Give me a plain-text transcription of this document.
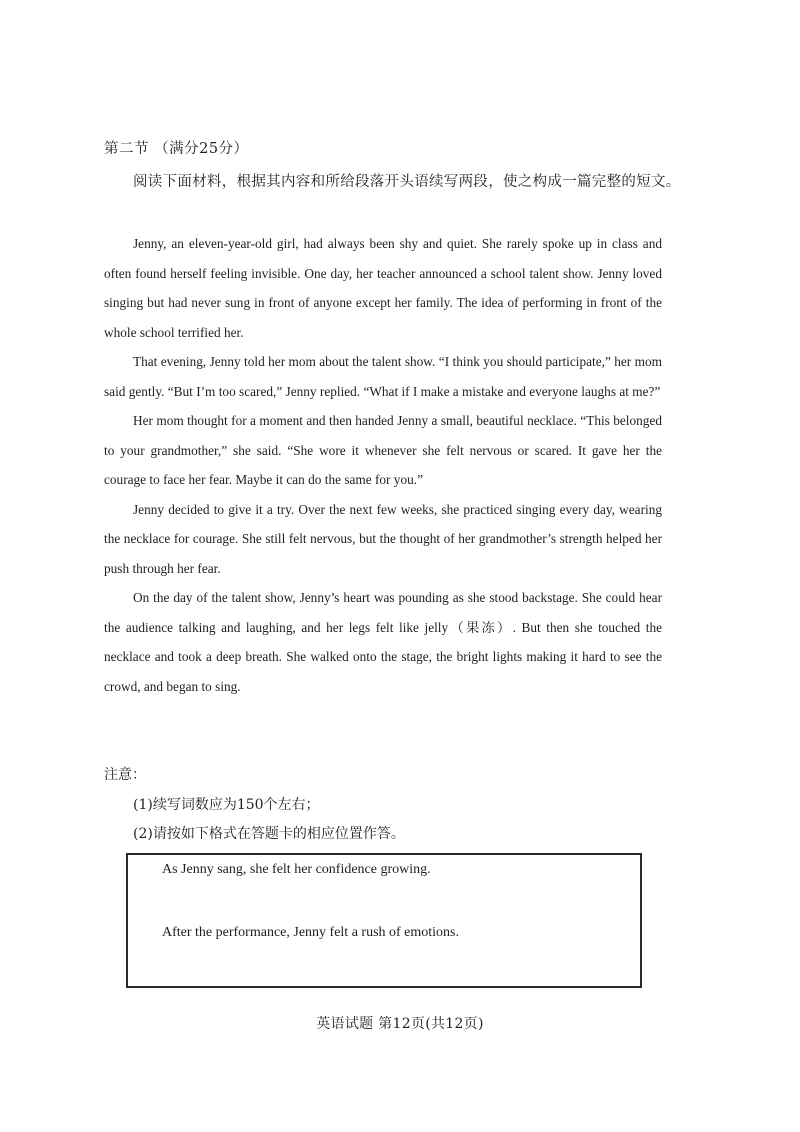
第二节 （满分25分）
阅读下面材料，根据其内容和所给段落开头语续写两段，使之构成一篇完整的短文。

Jenny, an eleven-year-old girl, had always been shy and quiet. She rarely spoke up in class and often found herself feeling invisible. One day, her teacher announced a school talent show. Jenny loved singing but had never sung in front of anyone except her family. The idea of performing in front of the whole school terrified her.

That evening, Jenny told her mom about the talent show. “I think you should participate,” her mom said gently. “But I’m too scared,” Jenny replied. “What if I make a mistake and everyone laughs at me?”

Her mom thought for a moment and then handed Jenny a small, beautiful necklace. “This belonged to your grandmother,” she said. “She wore it whenever she felt nervous or scared. It gave her the courage to face her fear. Maybe it can do the same for you.”

Jenny decided to give it a try. Over the next few weeks, she practiced singing every day, wearing the necklace for courage. She still felt nervous, but the thought of her grandmother’s strength helped her push through her fear.

On the day of the talent show, Jenny’s heart was pounding as she stood backstage. She could hear the audience talking and laughing, and her legs felt like jelly（果冻）. But then she touched the necklace and took a deep breath. She walked onto the stage, the bright lights making it hard to see the crowd, and began to sing.

注意：
(1)续写词数应为150个左右；
(2)请按如下格式在答题卡的相应位置作答。
As Jenny sang, she felt her confidence growing.
After the performance, Jenny felt a rush of emotions.
英语试题 第12页(共12页)
